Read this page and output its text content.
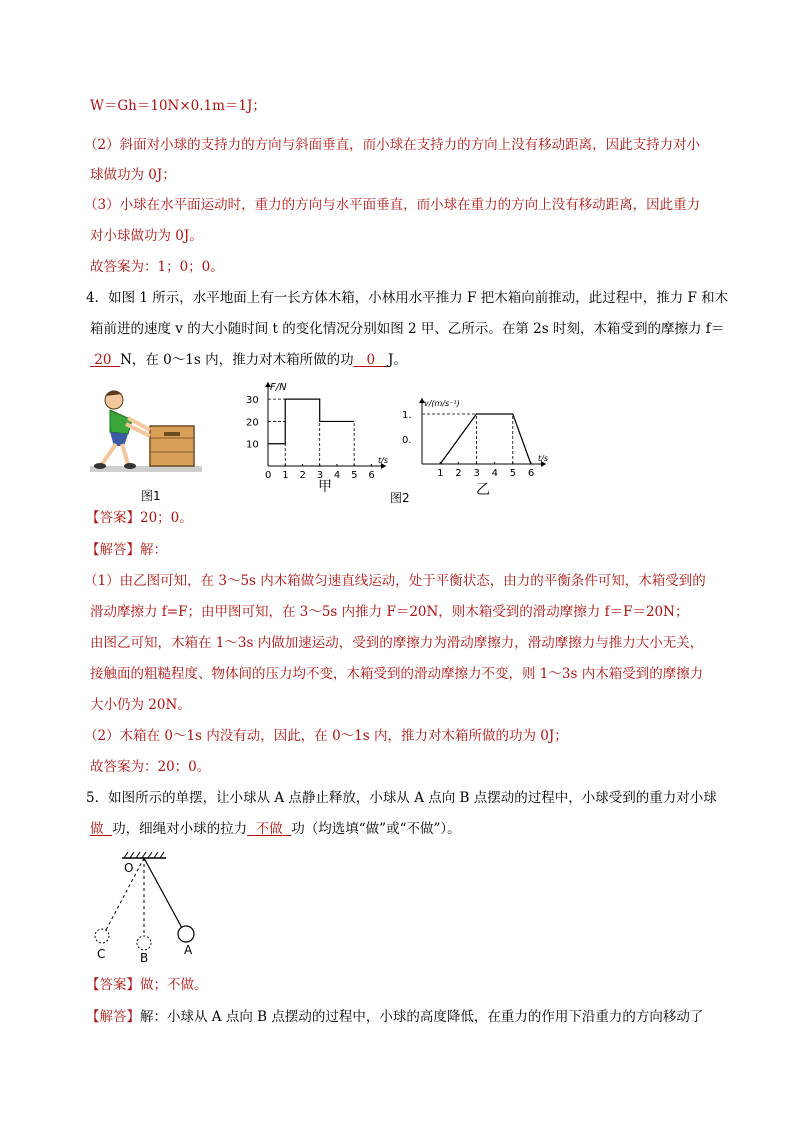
W＝Gh＝10N×0.1m＝1J；
（2）斜面对小球的支持力的方向与斜面垂直，而小球在支持力的方向上没有移动距离，因此支持力对小
球做功为 0J；
（3）小球在水平面运动时，重力的方向与水平面垂直，而小球在重力的方向上没有移动距离，因此重力
对小球做功为 0J。
故答案为：1；0；0。
4．如图 1 所示，水平地面上有一长方体木箱，小林用水平推力 F 把木箱向前推动，此过程中，推力 F 和木
箱前进的速度 v 的大小随时间 t 的变化情况分别如图 2 甲、乙所示。在第 2s 时刻，木箱受到的摩擦力 f＝
20 N，在 0～1s 内，推力对木箱所做的功 0 J。
图1
t/s
F/N
0 1 2 3 4 5 6
10
20
30
甲
t/s
v/(m/s⁻¹)
1 2 3 4 5 6
0.
1.
图2	乙
【答案】20；0。
【解答】解：
（1）由乙图可知，在 3～5s 内木箱做匀速直线运动，处于平衡状态，由力的平衡条件可知，木箱受到的
滑动摩擦力 f=F；由甲图可知，在 3～5s 内推力 F＝20N，则木箱受到的滑动摩擦力 f＝F＝20N；
由图乙可知，木箱在 1～3s 内做加速运动，受到的摩擦力为滑动摩擦力，滑动摩擦力与推力大小无关，
接触面的粗糙程度、物体间的压力均不变，木箱受到的滑动摩擦力不变，则 1～3s 内木箱受到的摩擦力
大小仍为 20N。
（2）木箱在 0～1s 内没有动，因此，在 0～1s 内，推力对木箱所做的功为 0J；
故答案为：20；0。
5．如图所示的单摆，让小球从 A 点静止释放，小球从 A 点向 B 点摆动的过程中，小球受到的重力对小球
做 功，细绳对小球的拉力 不做 功（均选填“做”或“不做”）。
O
C	B
A
【答案】做；不做。
【解答】解：小球从 A 点向 B 点摆动的过程中，小球的高度降低，在重力的作用下沿重力的方向移动了
